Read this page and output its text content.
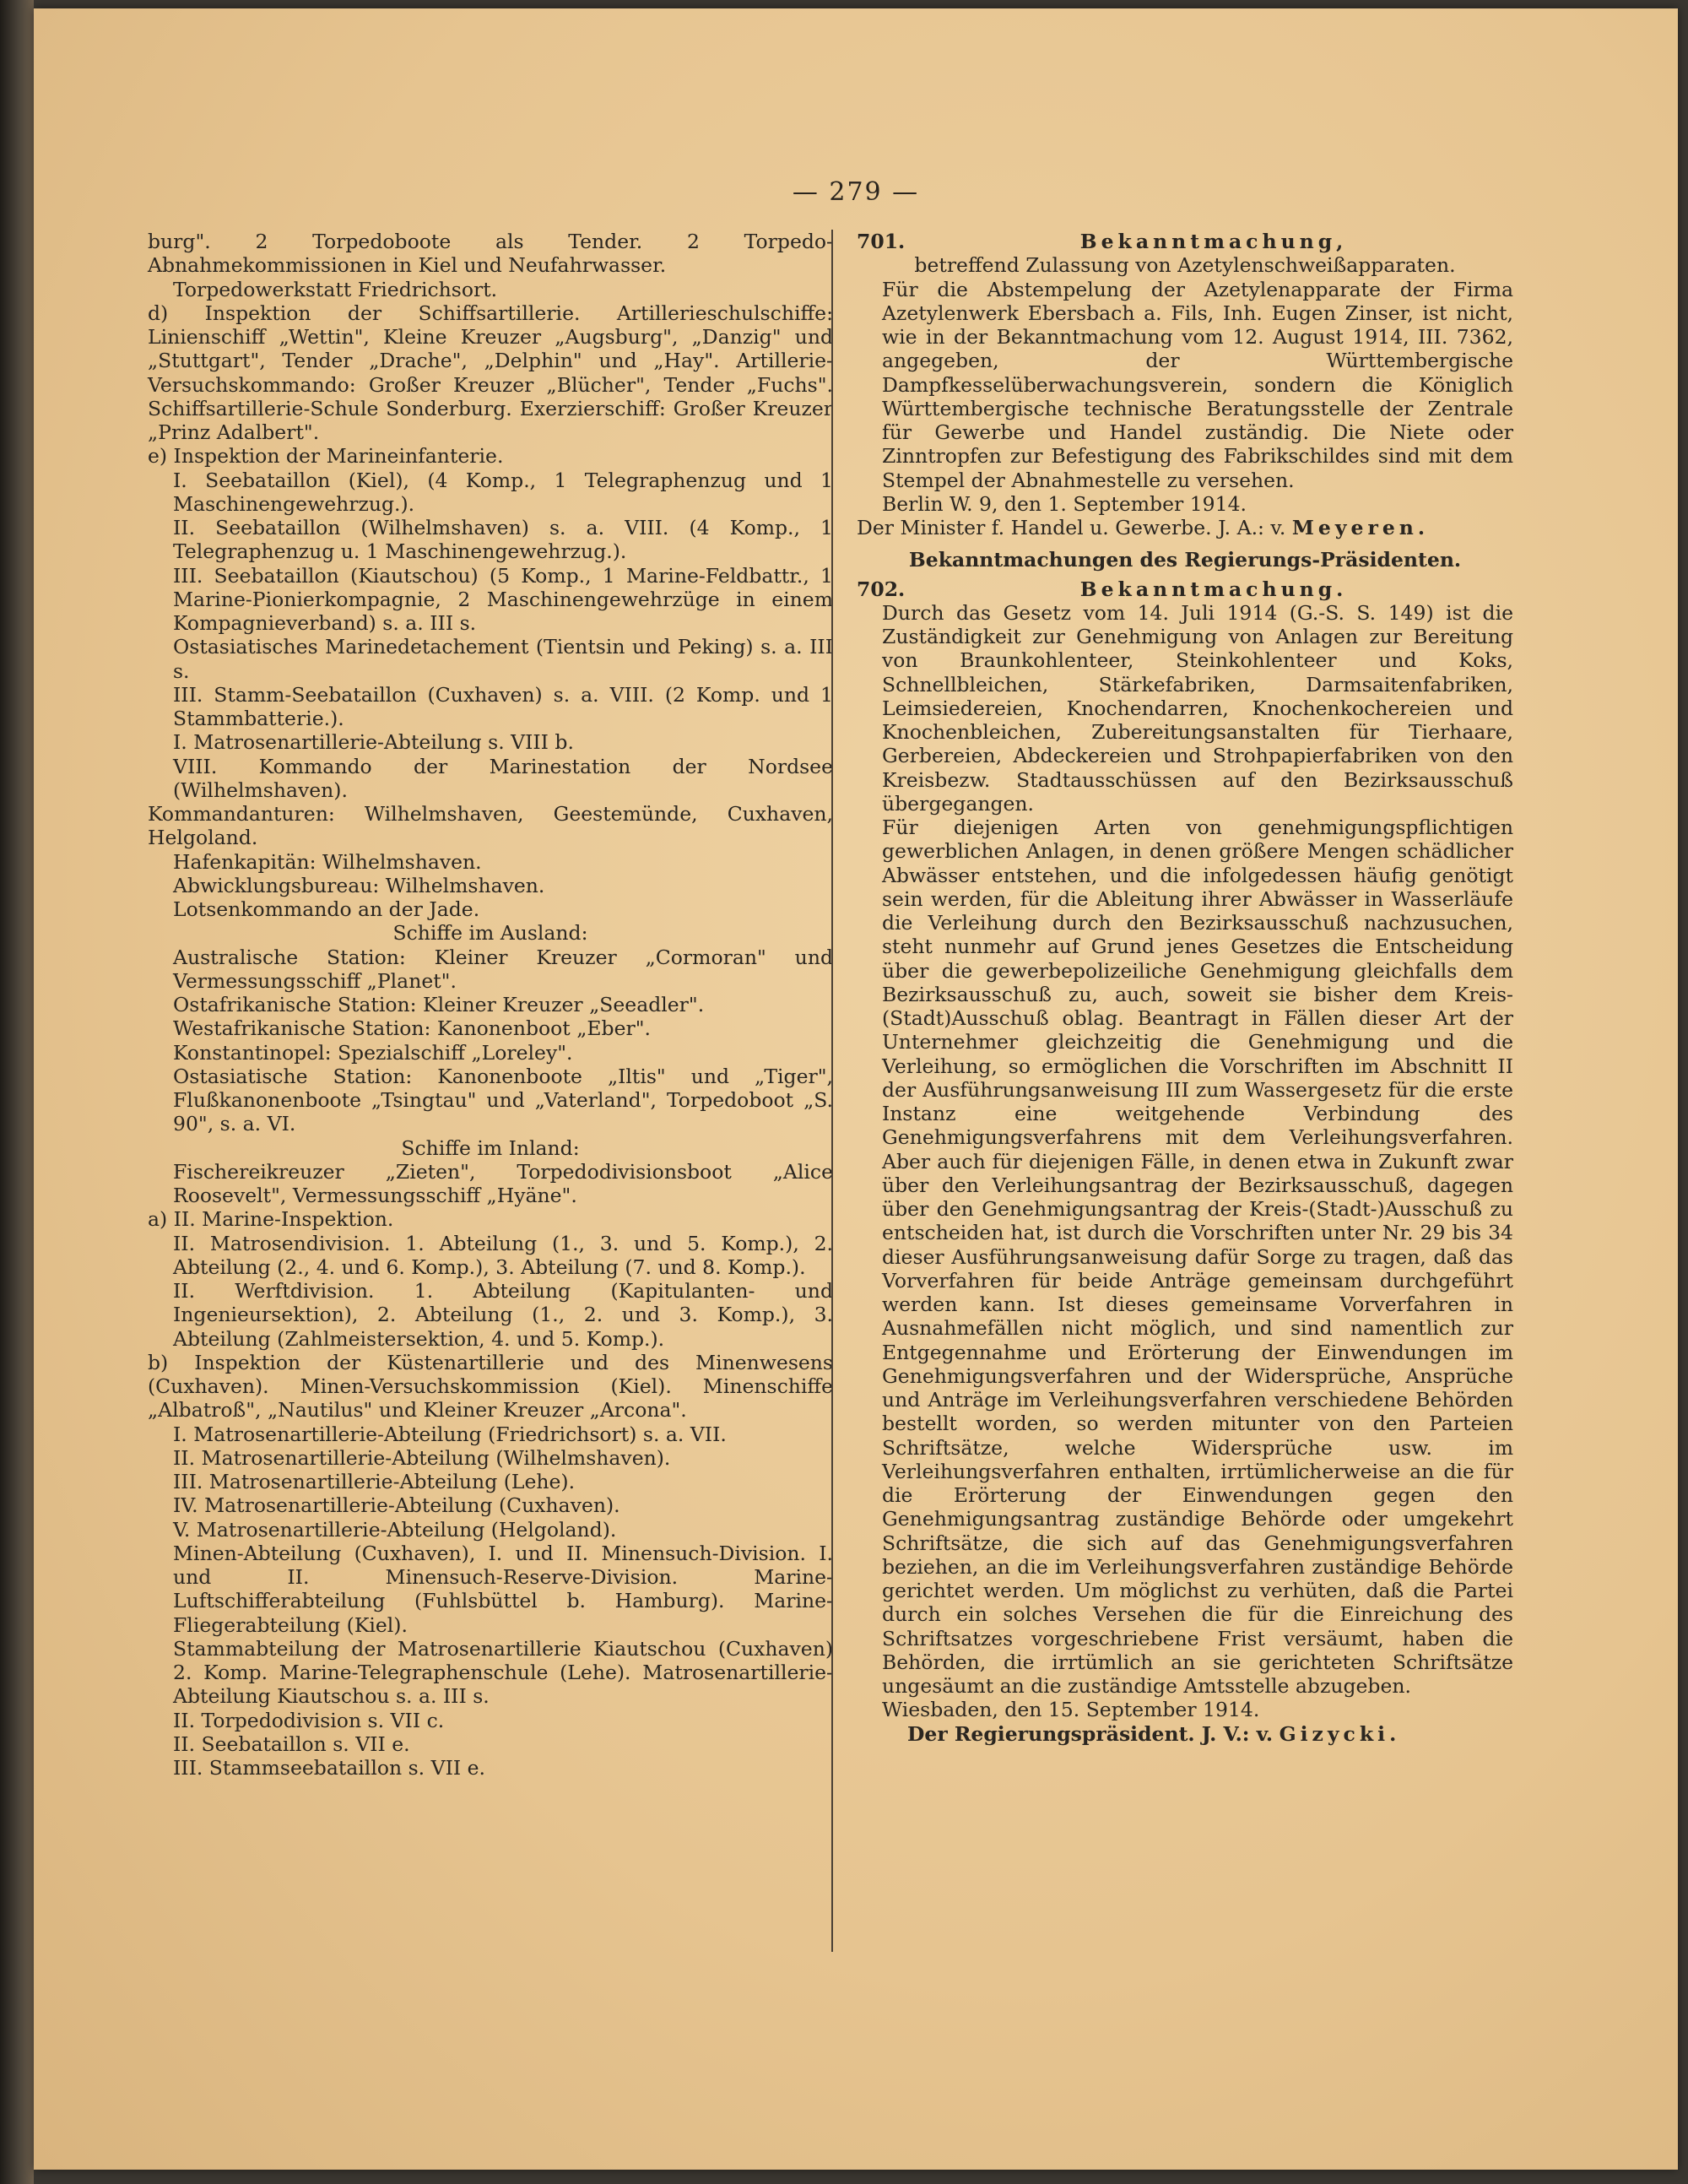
— 279 —

burg". 2 Torpedoboote als Tender. 2 Torpedo-Abnahmekommissionen in Kiel und Neufahrwasser.

Torpedowerkstatt Friedrichsort.

d) Inspektion der Schiffsartillerie. Artillerieschulschiffe: Linienschiff „Wettin", Kleine Kreuzer „Augsburg", „Danzig" und „Stuttgart", Tender „Drache", „Delphin" und „Hay". Artillerie-Versuchskommando: Großer Kreuzer „Blücher", Tender „Fuchs". Schiffsartillerie-Schule Sonderburg. Exerzierschiff: Großer Kreuzer „Prinz Adalbert".

e) Inspektion der Marineinfanterie.

I. Seebataillon (Kiel), (4 Komp., 1 Telegraphenzug und 1 Maschinengewehrzug.).

II. Seebataillon (Wilhelmshaven) s. a. VIII. (4 Komp., 1 Telegraphenzug u. 1 Maschinengewehrzug.).

III. Seebataillon (Kiautschou) (5 Komp., 1 Marine-Feldbattr., 1 Marine-Pionierkompagnie, 2 Maschinengewehrzüge in einem Kompagnieverband) s. a. III s.

Ostasiatisches Marinedetachement (Tientsin und Peking) s. a. III s.

III. Stamm-Seebataillon (Cuxhaven) s. a. VIII. (2 Komp. und 1 Stammbatterie.).

I. Matrosenartillerie-Abteilung s. VIII b.

VIII. Kommando der Marinestation der Nordsee (Wilhelmshaven).

Kommandanturen: Wilhelmshaven, Geestemünde, Cuxhaven, Helgoland.

Hafenkapitän: Wilhelmshaven.

Abwicklungsbureau: Wilhelmshaven.

Lotsenkommando an der Jade.

Schiffe im Ausland:

Australische Station: Kleiner Kreuzer „Cormoran" und Vermessungsschiff „Planet".

Ostafrikanische Station: Kleiner Kreuzer „Seeadler".

Westafrikanische Station: Kanonenboot „Eber".

Konstantinopel: Spezialschiff „Loreley".

Ostasiatische Station: Kanonenboote „Iltis" und „Tiger", Flußkanonenboote „Tsingtau" und „Vaterland", Torpedoboot „S. 90", s. a. VI.

Schiffe im Inland:

Fischereikreuzer „Zieten", Torpedodivisionsboot „Alice Roosevelt", Vermessungsschiff „Hyäne".

a) II. Marine-Inspektion.

II. Matrosendivision. 1. Abteilung (1., 3. und 5. Komp.), 2. Abteilung (2., 4. und 6. Komp.), 3. Abteilung (7. und 8. Komp.).

II. Werftdivision. 1. Abteilung (Kapitulanten- und Ingenieursektion), 2. Abteilung (1., 2. und 3. Komp.), 3. Abteilung (Zahlmeistersektion, 4. und 5. Komp.).

b) Inspektion der Küstenartillerie und des Minenwesens (Cuxhaven). Minen-Versuchskommission (Kiel). Minenschiffe „Albatroß", „Nautilus" und Kleiner Kreuzer „Arcona".

I. Matrosenartillerie-Abteilung (Friedrichsort) s. a. VII.

II. Matrosenartillerie-Abteilung (Wilhelmshaven).

III. Matrosenartillerie-Abteilung (Lehe).

IV. Matrosenartillerie-Abteilung (Cuxhaven).

V. Matrosenartillerie-Abteilung (Helgoland).

Minen-Abteilung (Cuxhaven), I. und II. Minensuch-Division. I. und II. Minensuch-Reserve-Division. Marine-Luftschifferabteilung (Fuhlsbüttel b. Hamburg). Marine-Fliegerabteilung (Kiel).

Stammabteilung der Matrosenartillerie Kiautschou (Cuxhaven) 2. Komp. Marine-Telegraphenschule (Lehe). Matrosenartillerie-Abteilung Kiautschou s. a. III s.

II. Torpedodivision s. VII c.

II. Seebataillon s. VII e.

III. Stammseebataillon s. VII e.

701.	Bekanntmachung,

betreffend Zulassung von Azetylenschweißapparaten.

Für die Abstempelung der Azetylenapparate der Firma Azetylenwerk Ebersbach a. Fils, Inh. Eugen Zinser, ist nicht, wie in der Bekanntmachung vom 12. August 1914, III. 7362, angegeben, der Württembergische Dampfkesselüberwachungsverein, sondern die Königlich Württembergische technische Beratungsstelle der Zentrale für Gewerbe und Handel zuständig. Die Niete oder Zinntropfen zur Befestigung des Fabrikschildes sind mit dem Stempel der Abnahmestelle zu versehen.

Berlin W. 9, den 1. September 1914.

Der Minister f. Handel u. Gewerbe. J. A.: v. Meyeren.

Bekanntmachungen des Regierungs-Präsidenten.

702.	Bekanntmachung.

Durch das Gesetz vom 14. Juli 1914 (G.-S. S. 149) ist die Zuständigkeit zur Genehmigung von Anlagen zur Bereitung von Braunkohlenteer, Steinkohlenteer und Koks, Schnellbleichen, Stärkefabriken, Darmsaitenfabriken, Leimsiedereien, Knochendarren, Knochenkochereien und Knochenbleichen, Zubereitungsanstalten für Tierhaare, Gerbereien, Abdeckereien und Strohpapierfabriken von den Kreisbezw. Stadtausschüssen auf den Bezirksausschuß übergegangen.

Für diejenigen Arten von genehmigungspflichtigen gewerblichen Anlagen, in denen größere Mengen schädlicher Abwässer entstehen, und die infolgedessen häufig genötigt sein werden, für die Ableitung ihrer Abwässer in Wasserläufe die Verleihung durch den Bezirksausschuß nachzusuchen, steht nunmehr auf Grund jenes Gesetzes die Entscheidung über die gewerbepolizeiliche Genehmigung gleichfalls dem Bezirksausschuß zu, auch, soweit sie bisher dem Kreis-(Stadt)Ausschuß oblag. Beantragt in Fällen dieser Art der Unternehmer gleichzeitig die Genehmigung und die Verleihung, so ermöglichen die Vorschriften im Abschnitt II der Ausführungsanweisung III zum Wassergesetz für die erste Instanz eine weitgehende Verbindung des Genehmigungsverfahrens mit dem Verleihungsverfahren. Aber auch für diejenigen Fälle, in denen etwa in Zukunft zwar über den Verleihungsantrag der Bezirksausschuß, dagegen über den Genehmigungsantrag der Kreis-(Stadt-)Ausschuß zu entscheiden hat, ist durch die Vorschriften unter Nr. 29 bis 34 dieser Ausführungsanweisung dafür Sorge zu tragen, daß das Vorverfahren für beide Anträge gemeinsam durchgeführt werden kann. Ist dieses gemeinsame Vorverfahren in Ausnahmefällen nicht möglich, und sind namentlich zur Entgegennahme und Erörterung der Einwendungen im Genehmigungsverfahren und der Widersprüche, Ansprüche und Anträge im Verleihungsverfahren verschiedene Behörden bestellt worden, so werden mitunter von den Parteien Schriftsätze, welche Widersprüche usw. im Verleihungsverfahren enthalten, irrtümlicherweise an die für die Erörterung der Einwendungen gegen den Genehmigungsantrag zuständige Behörde oder umgekehrt Schriftsätze, die sich auf das Genehmigungsverfahren beziehen, an die im Verleihungsverfahren zuständige Behörde gerichtet werden. Um möglichst zu verhüten, daß die Partei durch ein solches Versehen die für die Einreichung des Schriftsatzes vorgeschriebene Frist versäumt, haben die Behörden, die irrtümlich an sie gerichteten Schriftsätze ungesäumt an die zuständige Amtsstelle abzugeben.

Wiesbaden, den 15. September 1914.

Der Regierungspräsident. J. V.: v. Gizycki.
